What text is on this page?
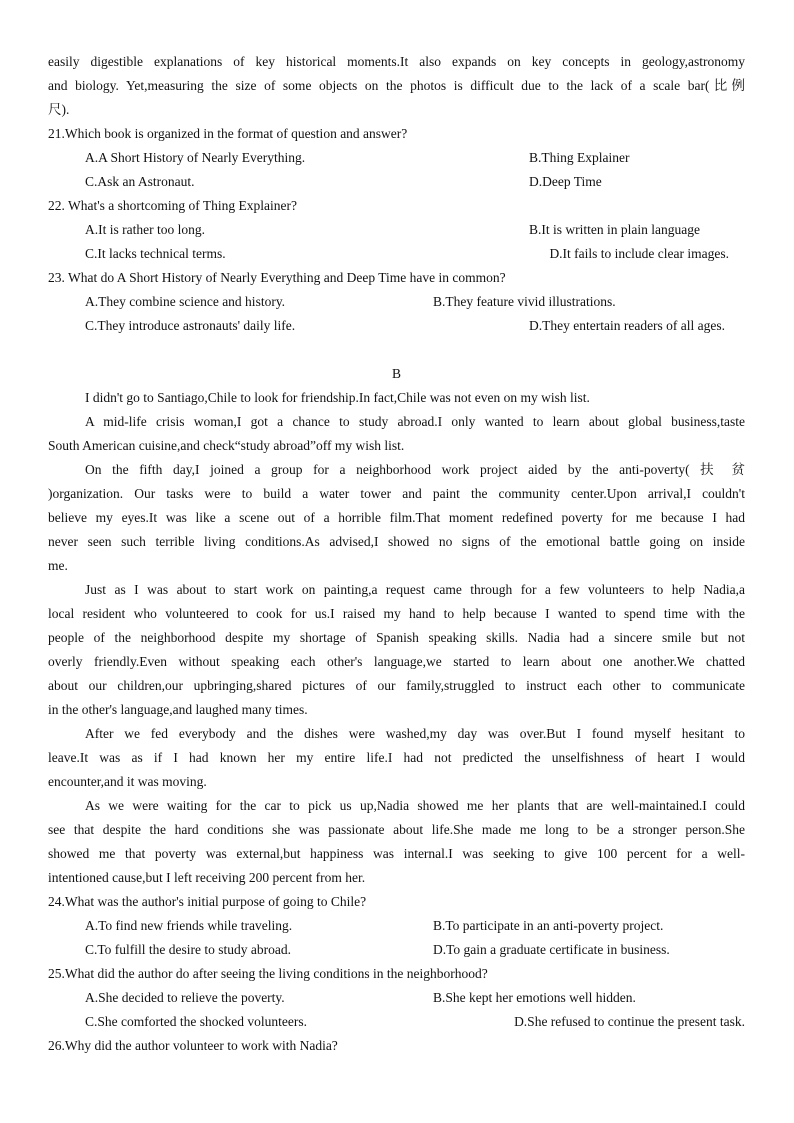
easily digestible explanations of key historical moments.It also expands on key concepts in geology,astronomy
and biology. Yet,measuring the size of some objects on the photos is difficult due to the lack of a scale bar(比例
尺).
21.Which book is organized in the format of question and answer?
A.A Short History of Nearly Everything.	B.Thing Explainer
C.Ask an Astronaut.	D.Deep Time
22. What's a shortcoming of Thing Explainer?
A.It is rather too long.	B.It is written in plain language
C.It lacks technical terms.	D.It fails to include clear images.
23. What do A Short History of Nearly Everything and Deep Time have in common?
A.They combine science and history.	B.They feature vivid illustrations.
C.They introduce astronauts' daily life.	D.They entertain readers of all ages.
B
I didn't go to Santiago,Chile to look for friendship.In fact,Chile was not even on my wish list.
A mid-life crisis woman,I got a chance to study abroad.I only wanted to learn about global business,taste
South American cuisine,and check“study abroad”off my wish list.
On the fifth day,I joined a group for a neighborhood work project aided by the anti-poverty( 扶 贫
)organization. Our tasks were to build a water tower and paint the community center.Upon arrival,I couldn't
believe my eyes.It was like a scene out of a horrible film.That moment redefined poverty for me because I had
never seen such terrible living conditions.As advised,I showed no signs of the emotional battle going on inside
me.
Just as I was about to start work on painting,a request came through for a few volunteers to help Nadia,a
local resident who volunteered to cook for us.I raised my hand to help because I wanted to spend time with the
people of the neighborhood despite my shortage of Spanish speaking skills. Nadia had a sincere smile but not
overly friendly.Even without speaking each other's language,we started to learn about one another.We chatted
about our children,our upbringing,shared pictures of our family,struggled to instruct each other to communicate
in the other's language,and laughed many times.
After we fed everybody and the dishes were washed,my day was over.But I found myself hesitant to
leave.It was as if I had known her my entire life.I had not predicted the unselfishness of heart I would
encounter,and it was moving.
As we were waiting for the car to pick us up,Nadia showed me her plants that are well-maintained.I could
see that despite the hard conditions she was passionate about life.She made me long to be a stronger person.She
showed me that poverty was external,but happiness was internal.I was seeking to give 100 percent for a well-
intentioned cause,but I left receiving 200 percent from her.
24.What was the author's initial purpose of going to Chile?
A.To find new friends while traveling.	B.To participate in an anti-poverty project.
C.To fulfill the desire to study abroad.	D.To gain a graduate certificate in business.
25.What did the author do after seeing the living conditions in the neighborhood?
A.She decided to relieve the poverty.	B.She kept her emotions well hidden.
C.She comforted the shocked volunteers.	D.She refused to continue the present task.
26.Why did the author volunteer to work with Nadia?
